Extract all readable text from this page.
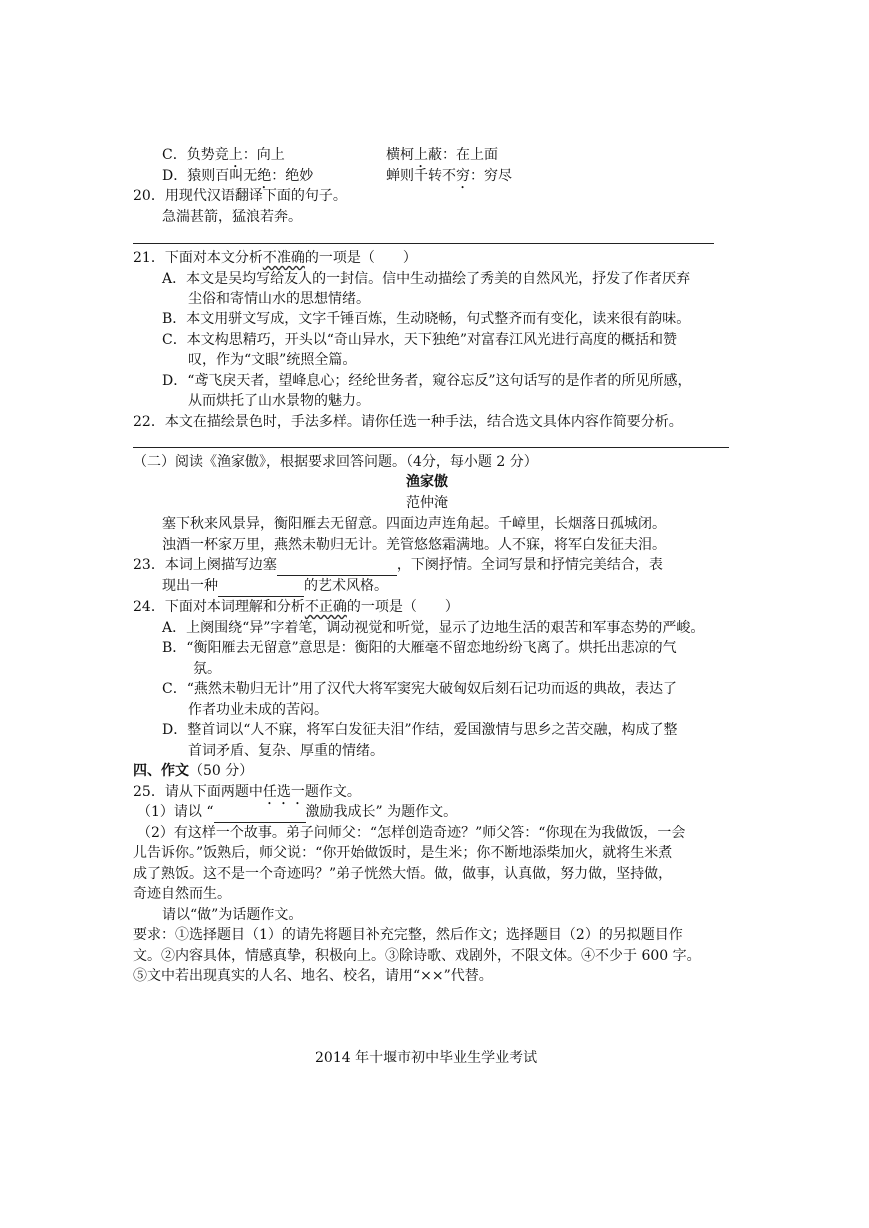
C．负势竞上：向上	横柯上蔽：在上面
D．猿则百叫无绝：绝妙	蝉则千转不穷：穷尽
20．用现代汉语翻译下面的句子。
急湍甚箭，猛浪若奔。
21．下面对本文分析不准确的一项是（　　）
A．本文是吴均写给友人的一封信。信中生动描绘了秀美的自然风光，抒发了作者厌弃
尘俗和寄情山水的思想情绪。
B．本文用骈文写成，文字千锤百炼，生动晓畅，句式整齐而有变化，读来很有韵味。
C．本文构思精巧，开头以“奇山异水，天下独绝”对富春江风光进行高度的概括和赞
叹，作为“文眼”统照全篇。
D．“鸢飞戾天者，望峰息心；经纶世务者，窥谷忘反”这句话写的是作者的所见所感，
从而烘托了山水景物的魅力。
22．本文在描绘景色时，手法多样。请你任选一种手法，结合选文具体内容作简要分析。
（二）阅读《渔家傲》，根据要求回答问题。（4分，每小题 2 分）
渔家傲
范仲淹
塞下秋来风景异，衡阳雁去无留意。四面边声连角起。千嶂里，长烟落日孤城闭。
浊酒一杯家万里，燕然未勒归无计。羌管悠悠霜满地。人不寐，将军白发征夫泪。
23．本词上阕描写边塞	，下阕抒情。全词写景和抒情完美结合，表
现出一种	的艺术风格。
24．下面对本词理解和分析不正确的一项是（　　）
A．上阕围绕“异”字着笔，调动视觉和听觉，显示了边地生活的艰苦和军事态势的严峻。
B．“衡阳雁去无留意”意思是：衡阳的大雁毫不留恋地纷纷飞离了。烘托出悲凉的气
氛。
C．“燕然未勒归无计”用了汉代大将军窦宪大破匈奴后刻石记功而返的典故，表达了
作者功业未成的苦闷。
D．整首词以“人不寐，将军白发征夫泪”作结，爱国激情与思乡之苦交融，构成了整
首词矛盾、复杂、厚重的情绪。
四、作文（50 分）
25．请从下面两题中任选一题作文。
（1）请以 “	激励我成长” 为题作文。
（2）有这样一个故事。弟子问师父：“怎样创造奇迹？”师父答：“你现在为我做饭，一会
儿告诉你。”饭熟后，师父说：“你开始做饭时，是生米；你不断地添柴加火，就将生米煮
成了熟饭。这不是一个奇迹吗？”弟子恍然大悟。做，做事，认真做，努力做，坚持做，
奇迹自然而生。
请以“做”为话题作文。
要求：①选择题目（1）的请先将题目补充完整，然后作文；选择题目（2）的另拟题目作
文。②内容具体，情感真挚，积极向上。③除诗歌、戏剧外，不限文体。④不少于 600 字。
⑤文中若出现真实的人名、地名、校名，请用“××”代替。
2014 年十堰市初中毕业生学业考试
